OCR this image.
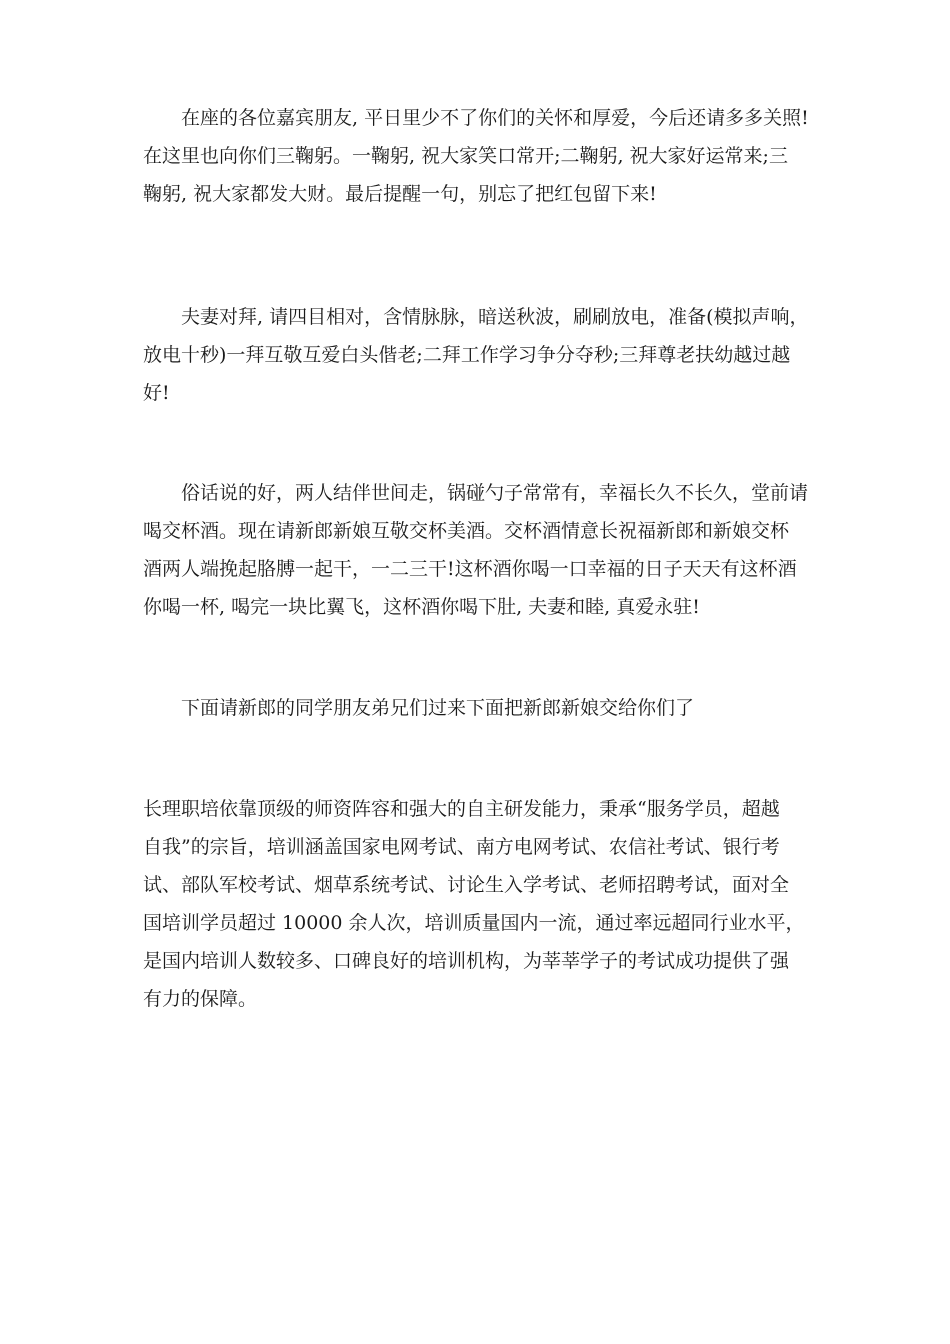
　　在座的各位嘉宾朋友, 平日里少不了你们的关怀和厚爱，今后还请多多关照!
在这里也向你们三鞠躬。一鞠躬, 祝大家笑口常开;二鞠躬, 祝大家好运常来;三
鞠躬, 祝大家都发大财。最后提醒一句，别忘了把红包留下来!

　　夫妻对拜, 请四目相对，含情脉脉，暗送秋波，刷刷放电，准备(模拟声响，
放电十秒)一拜互敬互爱白头偕老;二拜工作学习争分夺秒;三拜尊老扶幼越过越
好!

　　俗话说的好，两人结伴世间走，锅碰勺子常常有，幸福长久不长久，堂前请
喝交杯酒。现在请新郎新娘互敬交杯美酒。交杯酒情意长祝福新郎和新娘交杯
酒两人端挽起胳膊一起干，一二三干!这杯酒你喝一口幸福的日子天天有这杯酒
你喝一杯, 喝完一块比翼飞，这杯酒你喝下肚, 夫妻和睦, 真爱永驻!

　　下面请新郎的同学朋友弟兄们过来下面把新郎新娘交给你们了

长理职培依靠顶级的师资阵容和强大的自主研发能力，秉承“服务学员，超越
自我”的宗旨，培训涵盖国家电网考试、南方电网考试、农信社考试、银行考
试、部队军校考试、烟草系统考试、讨论生入学考试、老师招聘考试，面对全
国培训学员超过 10000 余人次，培训质量国内一流，通过率远超同行业水平，
是国内培训人数较多、口碑良好的培训机构，为莘莘学子的考试成功提供了强
有力的保障。
